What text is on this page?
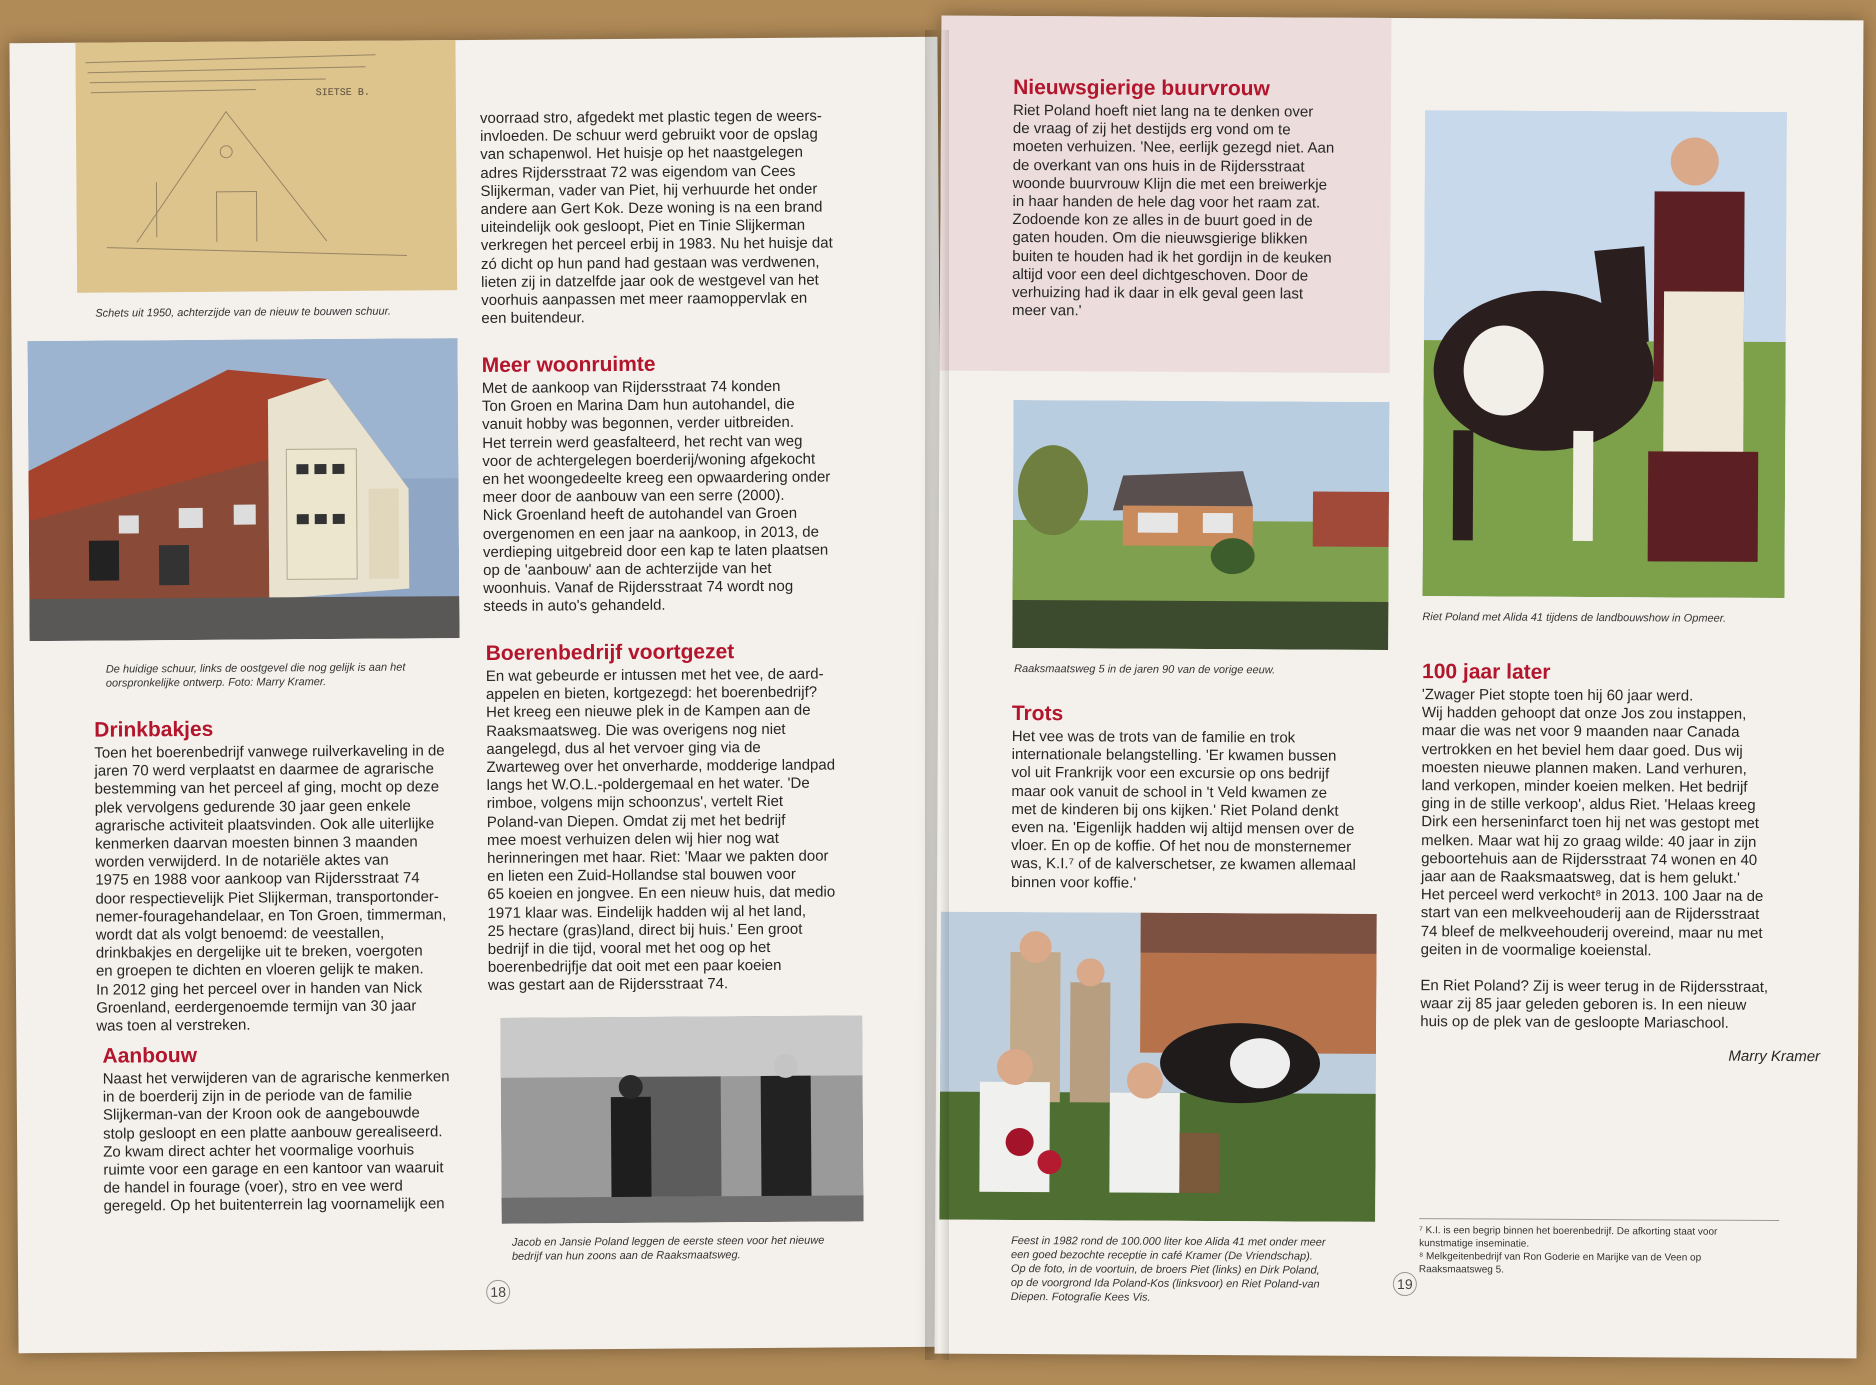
SIETSE B.
Schets uit 1950, achterzijde van de nieuw te bouwen schuur.
De huidige schuur, links de oostgevel die nog gelijk is aan het
oorspronkelijke ontwerp. Foto: Marry Kramer.
Drinkbakjes

Toen het boerenbedrijf vanwege ruilverkaveling in de
jaren 70 werd verplaatst en daarmee de agrarische
bestemming van het perceel af ging, mocht op deze
plek vervolgens gedurende 30 jaar geen enkele
agrarische activiteit plaatsvinden. Ook alle uiterlijke
kenmerken daarvan moesten binnen 3 maanden
worden verwijderd. In de notariële aktes van
1975 en 1988 voor aankoop van Rijdersstraat 74
door respectievelijk Piet Slijkerman, transportonder-
nemer-fouragehandelaar, en Ton Groen, timmerman,
wordt dat als volgt benoemd: de veestallen,
drinkbakjes en dergelijke uit te breken, voergoten
en groepen te dichten en vloeren gelijk te maken.
In 2012 ging het perceel over in handen van Nick
Groenland, eerdergenoemde termijn van 30 jaar
was toen al verstreken.

Aanbouw

Naast het verwijderen van de agrarische kenmerken
in de boerderij zijn in de periode van de familie
Slijkerman-van der Kroon ook de aangebouwde
stolp gesloopt en een platte aanbouw gerealiseerd.
Zo kwam direct achter het voormalige voorhuis
ruimte voor een garage en een kantoor van waaruit
de handel in fourage (voer), stro en vee werd
geregeld. Op het buitenterrein lag voornamelijk een

voorraad stro, afgedekt met plastic tegen de weers-
invloeden. De schuur werd gebruikt voor de opslag
van schapenwol. Het huisje op het naastgelegen
adres Rijdersstraat 72 was eigendom van Cees
Slijkerman, vader van Piet, hij verhuurde het onder
andere aan Gert Kok. Deze woning is na een brand
uiteindelijk ook gesloopt, Piet en Tinie Slijkerman
verkregen het perceel erbij in 1983. Nu het huisje dat
zó dicht op hun pand had gestaan was verdwenen,
lieten zij in datzelfde jaar ook de westgevel van het
voorhuis aanpassen met meer raamoppervlak en
een buitendeur.

Meer woonruimte

Met de aankoop van Rijdersstraat 74 konden
Ton Groen en Marina Dam hun autohandel, die
vanuit hobby was begonnen, verder uitbreiden.
Het terrein werd geasfalteerd, het recht van weg
voor de achtergelegen boerderij/woning afgekocht
en het woongedeelte kreeg een opwaardering onder
meer door de aanbouw van een serre (2000).
Nick Groenland heeft de autohandel van Groen
overgenomen en een jaar na aankoop, in 2013, de
verdieping uitgebreid door een kap te laten plaatsen
op de 'aanbouw' aan de achterzijde van het
woonhuis. Vanaf de Rijdersstraat 74 wordt nog
steeds in auto's gehandeld.

Boerenbedrijf voortgezet

En wat gebeurde er intussen met het vee, de aard-
appelen en bieten, kortgezegd: het boerenbedrijf?
Het kreeg een nieuwe plek in de Kampen aan de
Raaksmaatsweg. Die was overigens nog niet
aangelegd, dus al het vervoer ging via de
Zwarteweg over het onverharde, modderige landpad
langs het W.O.L.-poldergemaal en het water. 'De
rimboe, volgens mijn schoonzus', vertelt Riet
Poland-van Diepen. Omdat zij met het bedrijf
mee moest verhuizen delen wij hier nog wat
herinneringen met haar. Riet: 'Maar we pakten door
en lieten een Zuid-Hollandse stal bouwen voor
65 koeien en jongvee. En een nieuw huis, dat medio
1971 klaar was. Eindelijk hadden wij al het land,
25 hectare (gras)land, direct bij huis.' Een groot
bedrijf in die tijd, vooral met het oog op het
boerenbedrijfje dat ooit met een paar koeien
was gestart aan de Rijdersstraat 74.

Jacob en Jansie Poland leggen de eerste steen voor het nieuwe
bedrijf van hun zoons aan de Raaksmaatsweg.
18
Nieuwsgierige buurvrouw

Riet Poland hoeft niet lang na te denken over
de vraag of zij het destijds erg vond om te
moeten verhuizen. 'Nee, eerlijk gezegd niet. Aan
de overkant van ons huis in de Rijdersstraat
woonde buurvrouw Klijn die met een breiwerkje
in haar handen de hele dag voor het raam zat.
Zodoende kon ze alles in de buurt goed in de
gaten houden. Om die nieuwsgierige blikken
buiten te houden had ik het gordijn in de keuken
altijd voor een deel dichtgeschoven. Door de
verhuizing had ik daar in elk geval geen last
meer van.'

Raaksmaatsweg 5 in de jaren 90 van de vorige eeuw.
Trots

Het vee was de trots van de familie en trok
internationale belangstelling. 'Er kwamen bussen
vol uit Frankrijk voor een excursie op ons bedrijf
maar ook vanuit de school in 't Veld kwamen ze
met de kinderen bij ons kijken.' Riet Poland denkt
even na. 'Eigenlijk hadden wij altijd mensen over de
vloer. En op de koffie. Of het nou de monsternemer
was, K.I.⁷ of de kalverschetser, ze kwamen allemaal
binnen voor koffie.'

Feest in 1982 rond de 100.000 liter koe Alida 41 met onder meer
een goed bezochte receptie in café Kramer (De Vriendschap).
Op de foto, in de voortuin, de broers Piet (links) en Dirk Poland,
op de voorgrond Ida Poland-Kos (linksvoor) en Riet Poland-van
Diepen. Fotografie Kees Vis.
Riet Poland met Alida 41 tijdens de landbouwshow in Opmeer.
100 jaar later

'Zwager Piet stopte toen hij 60 jaar werd.
Wij hadden gehoopt dat onze Jos zou instappen,
maar die was net voor 9 maanden naar Canada
vertrokken en het beviel hem daar goed. Dus wij
moesten nieuwe plannen maken. Land verhuren,
land verkopen, minder koeien melken. Het bedrijf
ging in de stille verkoop', aldus Riet. 'Helaas kreeg
Dirk een herseninfarct toen hij net was gestopt met
melken. Maar wat hij zo graag wilde: 40 jaar in zijn
geboortehuis aan de Rijdersstraat 74 wonen en 40
jaar aan de Raaksmaatsweg, dat is hem gelukt.'
Het perceel werd verkocht⁸ in 2013. 100 Jaar na de
start van een melkveehouderij aan de Rijdersstraat
74 bleef de melkveehouderij overeind, maar nu met
geiten in de voormalige koeienstal.

En Riet Poland? Zij is weer terug in de Rijdersstraat,
waar zij 85 jaar geleden geboren is. In een nieuw
huis op de plek van de gesloopte Mariaschool.

Marry Kramer

⁷ K.I. is een begrip binnen het boerenbedrijf. De afkorting staat voor
kunstmatige inseminatie.
⁸ Melkgeitenbedrijf van Ron Goderie en Marijke van de Veen op
Raaksmaatsweg 5.
19
